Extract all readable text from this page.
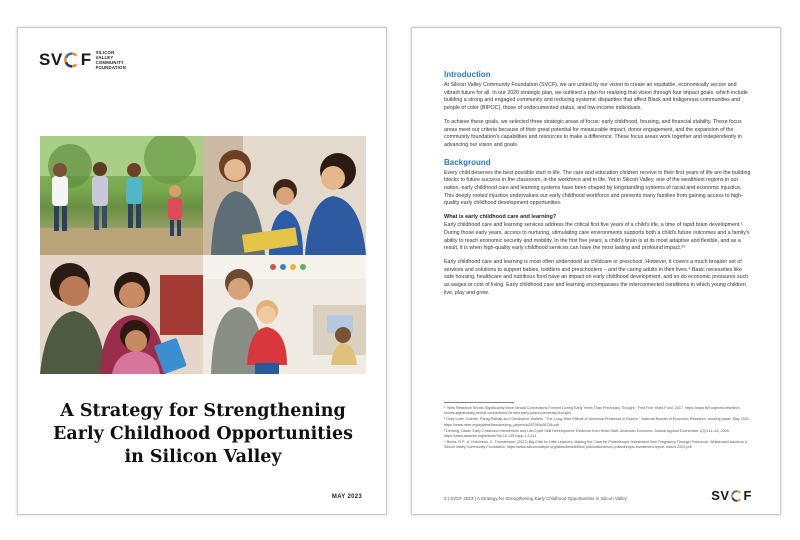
SV F SILICON
VALLEY
COMMUNITY
FOUNDATION
A Strategy for Strengthening
Early Childhood Opportunities
in Silicon Valley
MAY 2023
Introduction

At Silicon Valley Community Foundation (SVCF), we are united by our vision to create an equitable, economically secure and vibrant future for all. In our 2020 strategic plan, we outlined a plan for realizing that vision through four impact goals, which include building a strong and engaged community and reducing systemic disparities that affect Black and Indigenous communities and people of color (BIPOC), those of undocumented status, and low-income individuals.

To achieve these goals, we selected three strategic areas of focus: early childhood, housing, and financial stability. These focus areas meet our criteria because of their great potential for measurable impact, donor engagement, and the expansion of the community foundation's capabilities and resources to make a difference. These focus areas work together and independently in advancing our vision and goals.

Background

Every child deserves the best possible start in life. The care and education children receive in their first years of life are the building blocks to future success in the classroom, in the workforce and in life. Yet in Silicon Valley, one of the wealthiest regions in our nation, early childhood care and learning systems have been shaped by longstanding systems of racial and economic injustice. This deeply rooted injustice undervalues our early childhood workforce and prevents many families from gaining access to high-quality early childhood development opportunities.

What is early childhood care and learning?

Early childhood care and learning services address the critical first five years of a child's life, a time of rapid brain development.¹ During those early years, access to nurturing, stimulating care environments supports both a child's future outcomes and a family's ability to reach economic security and mobility. In the first five years, a child's brain is at its most adaptive and flexible, and as a result, it is when high-quality early childhood services can have the most lasting and profound impact.²³

Early childhood care and learning is most often understood as childcare or preschool. However, it covers a much broader set of services and solutions to support babies, toddlers and preschoolers – and the caring adults in their lives.⁴ Basic necessities like safe housing, healthcare and nutritious food have an impact on early childhood development, and so do economic pressures such as wages or cost of living. Early childhood care and learning encompasses the interconnected conditions in which young children live, play and grow.

¹ "New Research Shows Significantly More Neural Connections Formed During Early Years Than Previously Thought," First Five Years Fund, 2017, https://www.ffyf.org/new-research-shows-significantly-neural-connections-formed-early-years-previously-thought

² Gray-Lobe, Guthrie, Parag Pathak and Christopher Walters. "The Long-Term Effects of Universal Preschool in Boston," National Bureau of Economic Research, working paper, May 2021, https://www.nber.org/system/files/working_papers/w28756/w28756.pdf

³ Deming, David. Early Childhood Intervention and Life-Cycle Skill Development: Evidence from Head Start. American Economic Journal Applied Economics 1(3):111–34, 2009. https://www.aeaweb.org/articles?id=10.1257/app.1.3.111

⁴ Burns, R.P., A. Hutchison, C. Thorstenson. (2022) Big Gifts for Little Learners: Making the Case for Philanthropic Investment form Pregnancy Through Preschool. Whiteboard Advisors & Silicon Valley Community Foundation. https://www.siliconvalleycf.org/sites/default/files/ publications/ecd-philanthropic-investment-report-march-2022.pdf

3 | SVCF 2023 | A Strategy for Strengthening Early Childhood Opportunities in Silicon Valley	SV F
